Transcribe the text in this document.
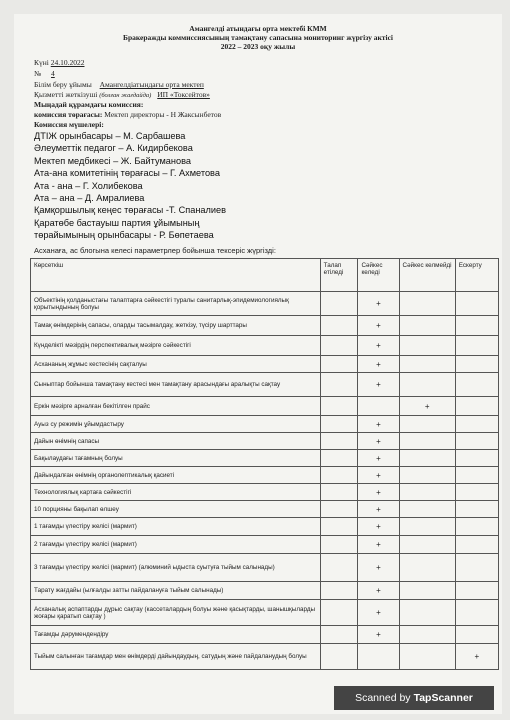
Амангелді атындағы орта мектебі КММ
Бракеражды коммиссиясының тамақтану сапасына мониторинг жүргізу актісі
2022 – 2023 оқу жылы
Күні 24.10.2022
№ 4
Білім беру ұйымы Амангелдіатындағы орта мектеп
Қызметті жеткізуші (болған жағдайда) ИП «Токсейтов»
Мыңадай құрамдағы комиссия:
комиссия төрағасы: Мектеп директоры - Н Жаксынбетов
Комиссия мүшелері:
ДТІЖ орынбасары – М. Сарбашева
Әлеуметтік педагог – А. Кидирбекова
Мектеп медбикесі – Ж. Байтуманова
Ата-ана комитетінің төрағасы – Г. Ахметова
Ата - ана – Г. Холибекова
Ата – ана – Д. Амралиева
Қамқоршылық кеңес төрағасы -Т. Спаналиев
Қаратөбе бастауыш партия ұйымының
төрайымының орынбасары - Р. Бөпетаева
Асханаға, ас блогына келесі параметрлер бойынша тексеріс жүргізді:
Көрсеткіш	Талап етіледі	Сәйкес келеді	Сәйкес келмейді	Ескерту
Объектінің қолданыстағы талаптарға сәйкестігі туралы санитарлық-эпидемиологиялық қорытындының болуы		+		
Тамақ өнімдерінің сапасы, оларды тасымалдау, жеткізу, түсіру шарттары		+		
Күнделікті мәзірдің перспективалық мәзірге сәйкестігі		+		
Асхананың жұмыс кестесінің сақталуы		+		
Сыныптар бойынша тамақтану кестесі мен тамақтану арасындағы аралықты сақтау		+		
Еркін мәзірге арналған бекітілген прайс			+	
Ауыз су режимін ұйымдастыру		+		
Дайын өнімнің сапасы		+		
Бақылаудағы тағамның болуы		+		
Дайындалған өнімнің органолептикалық қасиеті		+		
Технологиялық картаға сәйкестігі		+		
10 порцияны бақылап өлшеу		+		
1 тағамды үлестіру желісі (мармит)		+		
2 тағамды үлестіру желісі (мармит)		+		
3 тағамды үлестіру желісі (мармит) (алюминий ыдыста суытуға тыйым салынады)		+		
Тарату жағдайы (ылғалды затты пайдалануға тыйым салынады)		+		
Асханалық аспаптарды дұрыс сақтау (кассеталардың болуы және қасықтарды, шанышқыларды жоғары қаратып сақтау )		+		
Тағамды дәрумендендіру		+		
Тыйым салынған тағамдар мен өнімдерді дайындаудың, сатудың және пайдаланудың болуы				+
Scanned by TapScanner
